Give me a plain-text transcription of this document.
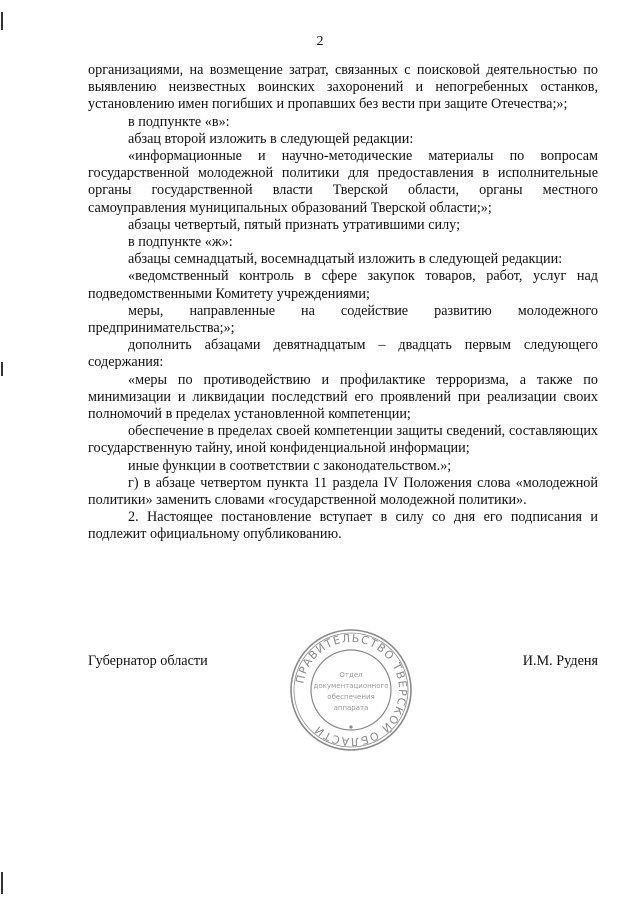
2

организациями, на возмещение затрат, связанных с поисковой деятельностью по выявлению неизвестных воинских захоронений и непогребенных останков, установлению имен погибших и пропавших без вести при защите Отечества;»;

в подпункте «в»:

абзац второй изложить в следующей редакции:

«информационные и научно-методические материалы по вопросам государственной молодежной политики для предоставления в исполнительные органы государственной власти Тверской области, органы местного самоуправления муниципальных образований Тверской области;»;

абзацы четвертый, пятый признать утратившими силу;

в подпункте «ж»:

абзацы семнадцатый, восемнадцатый изложить в следующей редакции:

«ведомственный контроль в сфере закупок товаров, работ, услуг над подведомственными Комитету учреждениями;

меры, направленные на содействие развитию молодежного предпринимательства;»;

дополнить абзацами девятнадцатым – двадцать первым следующего содержания:

«меры по противодействию и профилактике терроризма, а также по минимизации и ликвидации последствий его проявлений при реализации своих полномочий в пределах установленной компетенции;

обеспечение в пределах своей компетенции защиты сведений, составляющих государственную тайну, иной конфиденциальной информации;

иные функции в соответствии с законодательством.»;

г) в абзаце четвертом пункта 11 раздела IV Положения слова «молодежной политики» заменить словами «государственной молодежной политики».

2. Настоящее постановление вступает в силу со дня его подписания и подлежит официальному опубликованию.

Губернатор области	И.М. Руденя
ПРАВИТЕЛЬСТВО ТВЕРСКОЙ ОБЛАСТИ
Отдел
документационного
обеспечения
аппарата
